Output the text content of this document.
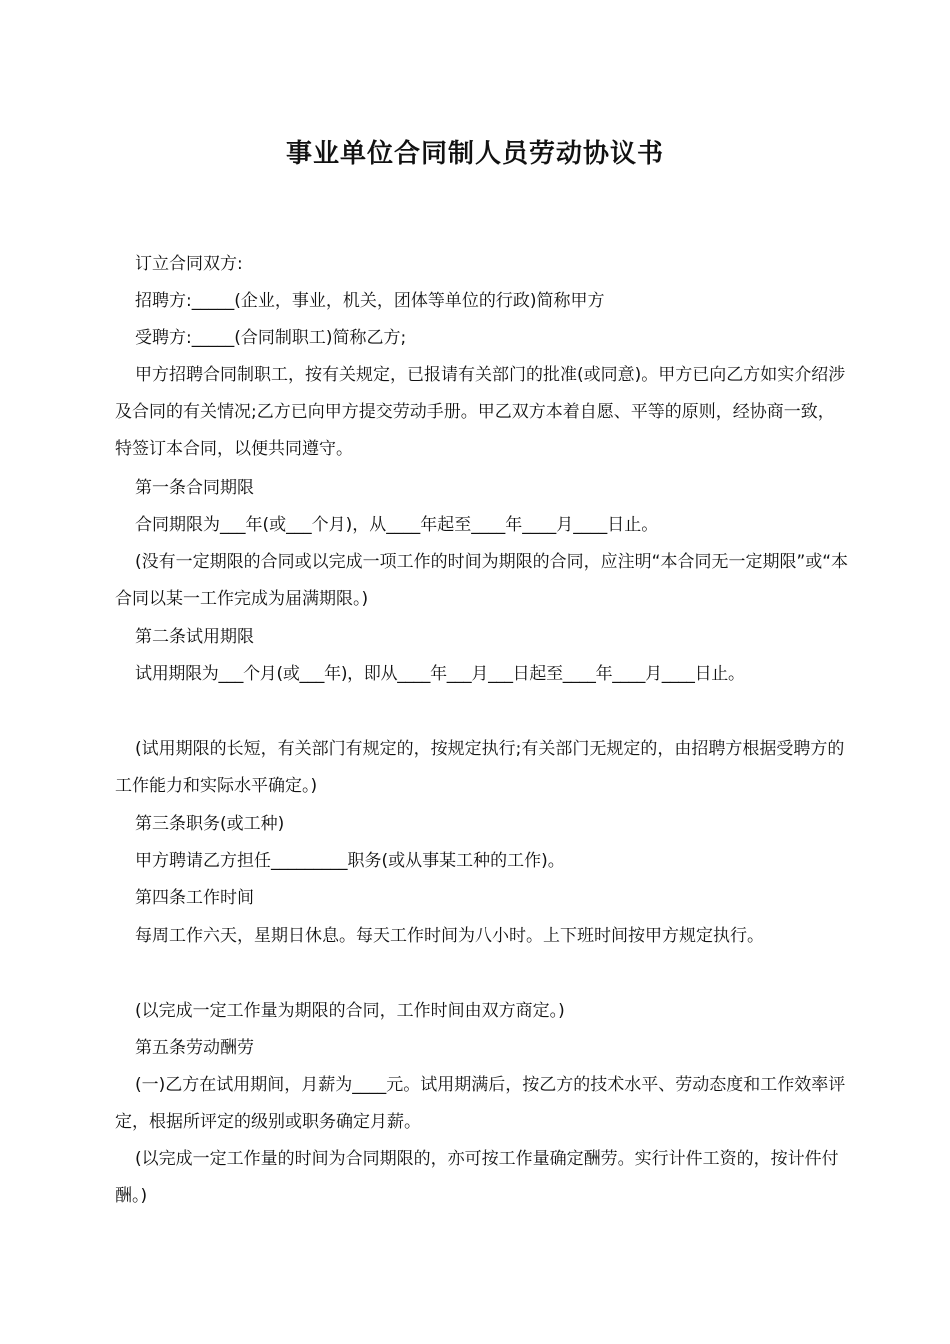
事业单位合同制人员劳动协议书

订立合同双方:

招聘方:_____(企业，事业，机关，团体等单位的行政)简称甲方

受聘方:_____(合同制职工)简称乙方;

甲方招聘合同制职工，按有关规定，已报请有关部门的批准(或同意)。甲方已向乙方如实介绍涉及合同的有关情况;乙方已向甲方提交劳动手册。甲乙双方本着自愿、平等的原则，经协商一致，特签订本合同，以便共同遵守。

第一条合同期限

合同期限为___年(或___个月)，从____年起至____年____月____日止。

(没有一定期限的合同或以完成一项工作的时间为期限的合同，应注明“本合同无一定期限”或“本合同以某一工作完成为届满期限。)

第二条试用期限

试用期限为___个月(或___年)，即从____年___月___日起至____年____月____日止。

(试用期限的长短，有关部门有规定的，按规定执行;有关部门无规定的，由招聘方根据受聘方的工作能力和实际水平确定。)

第三条职务(或工种)

甲方聘请乙方担任_________职务(或从事某工种的工作)。

第四条工作时间

每周工作六天，星期日休息。每天工作时间为八小时。上下班时间按甲方规定执行。

(以完成一定工作量为期限的合同，工作时间由双方商定。)

第五条劳动酬劳

(一)乙方在试用期间，月薪为____元。试用期满后，按乙方的技术水平、劳动态度和工作效率评定，根据所评定的级别或职务确定月薪。

(以完成一定工作量的时间为合同期限的，亦可按工作量确定酬劳。实行计件工资的，按计件付酬。)
